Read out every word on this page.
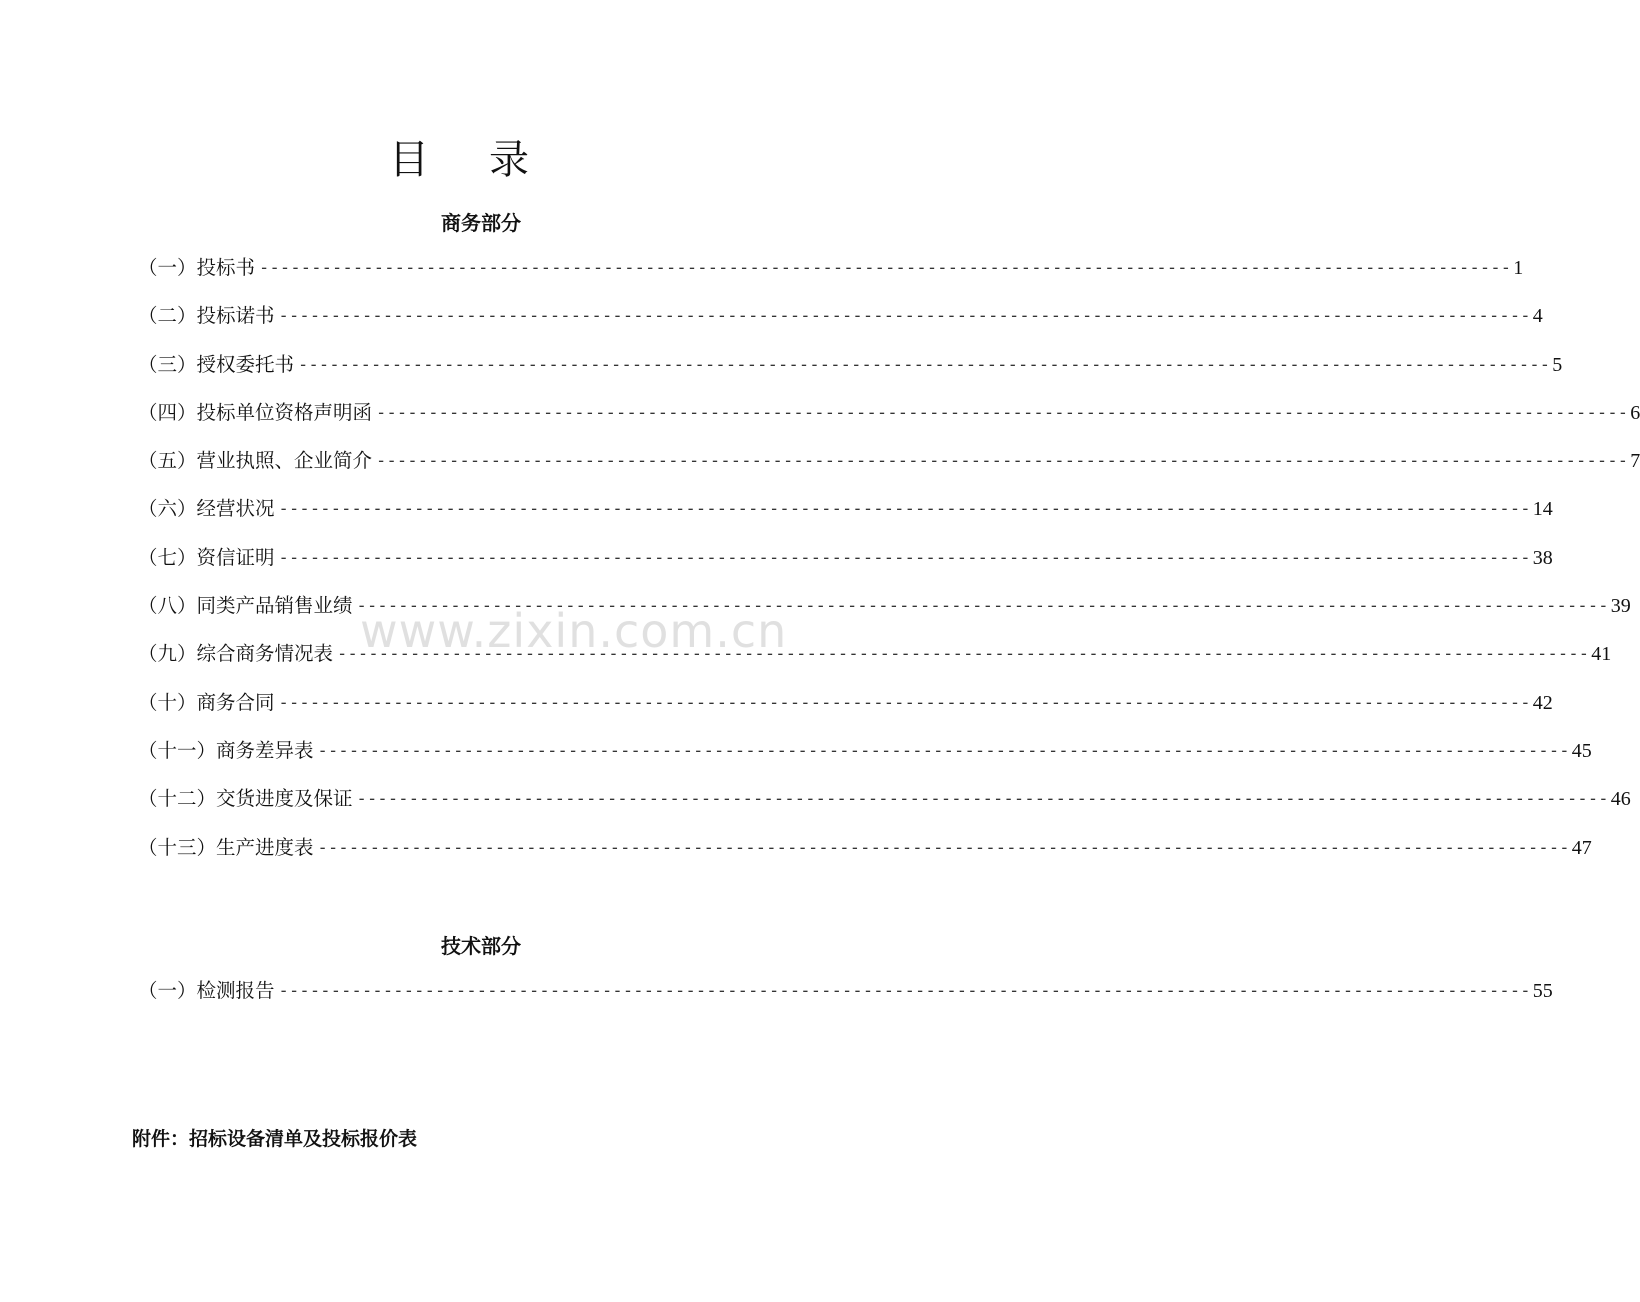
目 录
商务部分
（一）投标书 ------------------------------------------------------------------------------------------------------------------------ 1
（二）投标诺书 ------------------------------------------------------------------------------------------------------------------------ 4
（三）授权委托书 ------------------------------------------------------------------------------------------------------------------------ 5
（四）投标单位资格声明函 ------------------------------------------------------------------------------------------------------------------------ 6
（五）营业执照、企业简介 ------------------------------------------------------------------------------------------------------------------------ 7
（六）经营状况 ------------------------------------------------------------------------------------------------------------------------ 14
（七）资信证明 ------------------------------------------------------------------------------------------------------------------------ 38
（八）同类产品销售业绩 ------------------------------------------------------------------------------------------------------------------------ 39
（九）综合商务情况表 ------------------------------------------------------------------------------------------------------------------------ 41
（十）商务合同 ------------------------------------------------------------------------------------------------------------------------ 42
（十一）商务差异表 ------------------------------------------------------------------------------------------------------------------------ 45
（十二）交货进度及保证 ------------------------------------------------------------------------------------------------------------------------ 46
（十三）生产进度表 ------------------------------------------------------------------------------------------------------------------------ 47
www.zixin.com.cn
技术部分
（一）检测报告 ------------------------------------------------------------------------------------------------------------------------ 55
附件：招标设备清单及投标报价表
